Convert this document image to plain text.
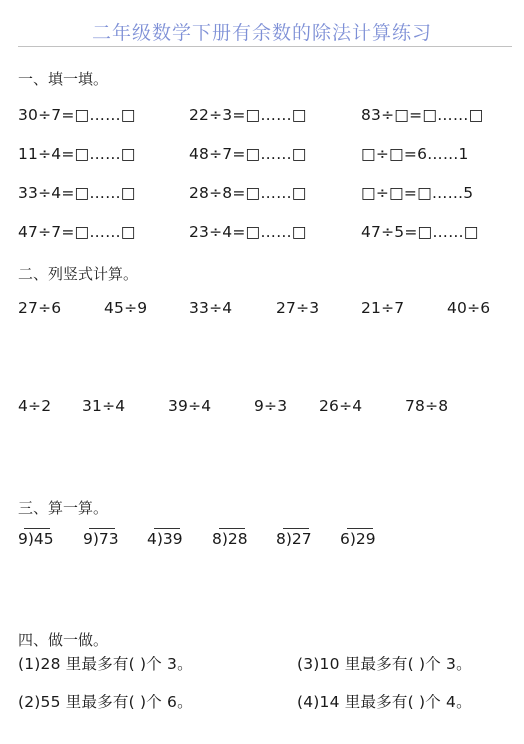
二年级数学下册有余数的除法计算练习
一、填一填。
30÷7=□……□	22÷3=□……□	83÷□=□……□
11÷4=□……□	48÷7=□……□	□÷□=6……1
33÷4=□……□	28÷8=□……□	□÷□=□……5
47÷7=□……□	23÷4=□……□	47÷5=□……□
二、列竖式计算。
27÷6	45÷9	33÷4	27÷3	21÷7	40÷6
4÷2 31÷4	39÷4	9÷3 26÷4	78÷8
三、算一算。
9)45 9)73 4)39 8)28 8)27 6)29
四、做一做。
(1)28 里最多有( )个 3。	(3)10 里最多有( )个 3。
(2)55 里最多有( )个 6。	(4)14 里最多有( )个 4。
